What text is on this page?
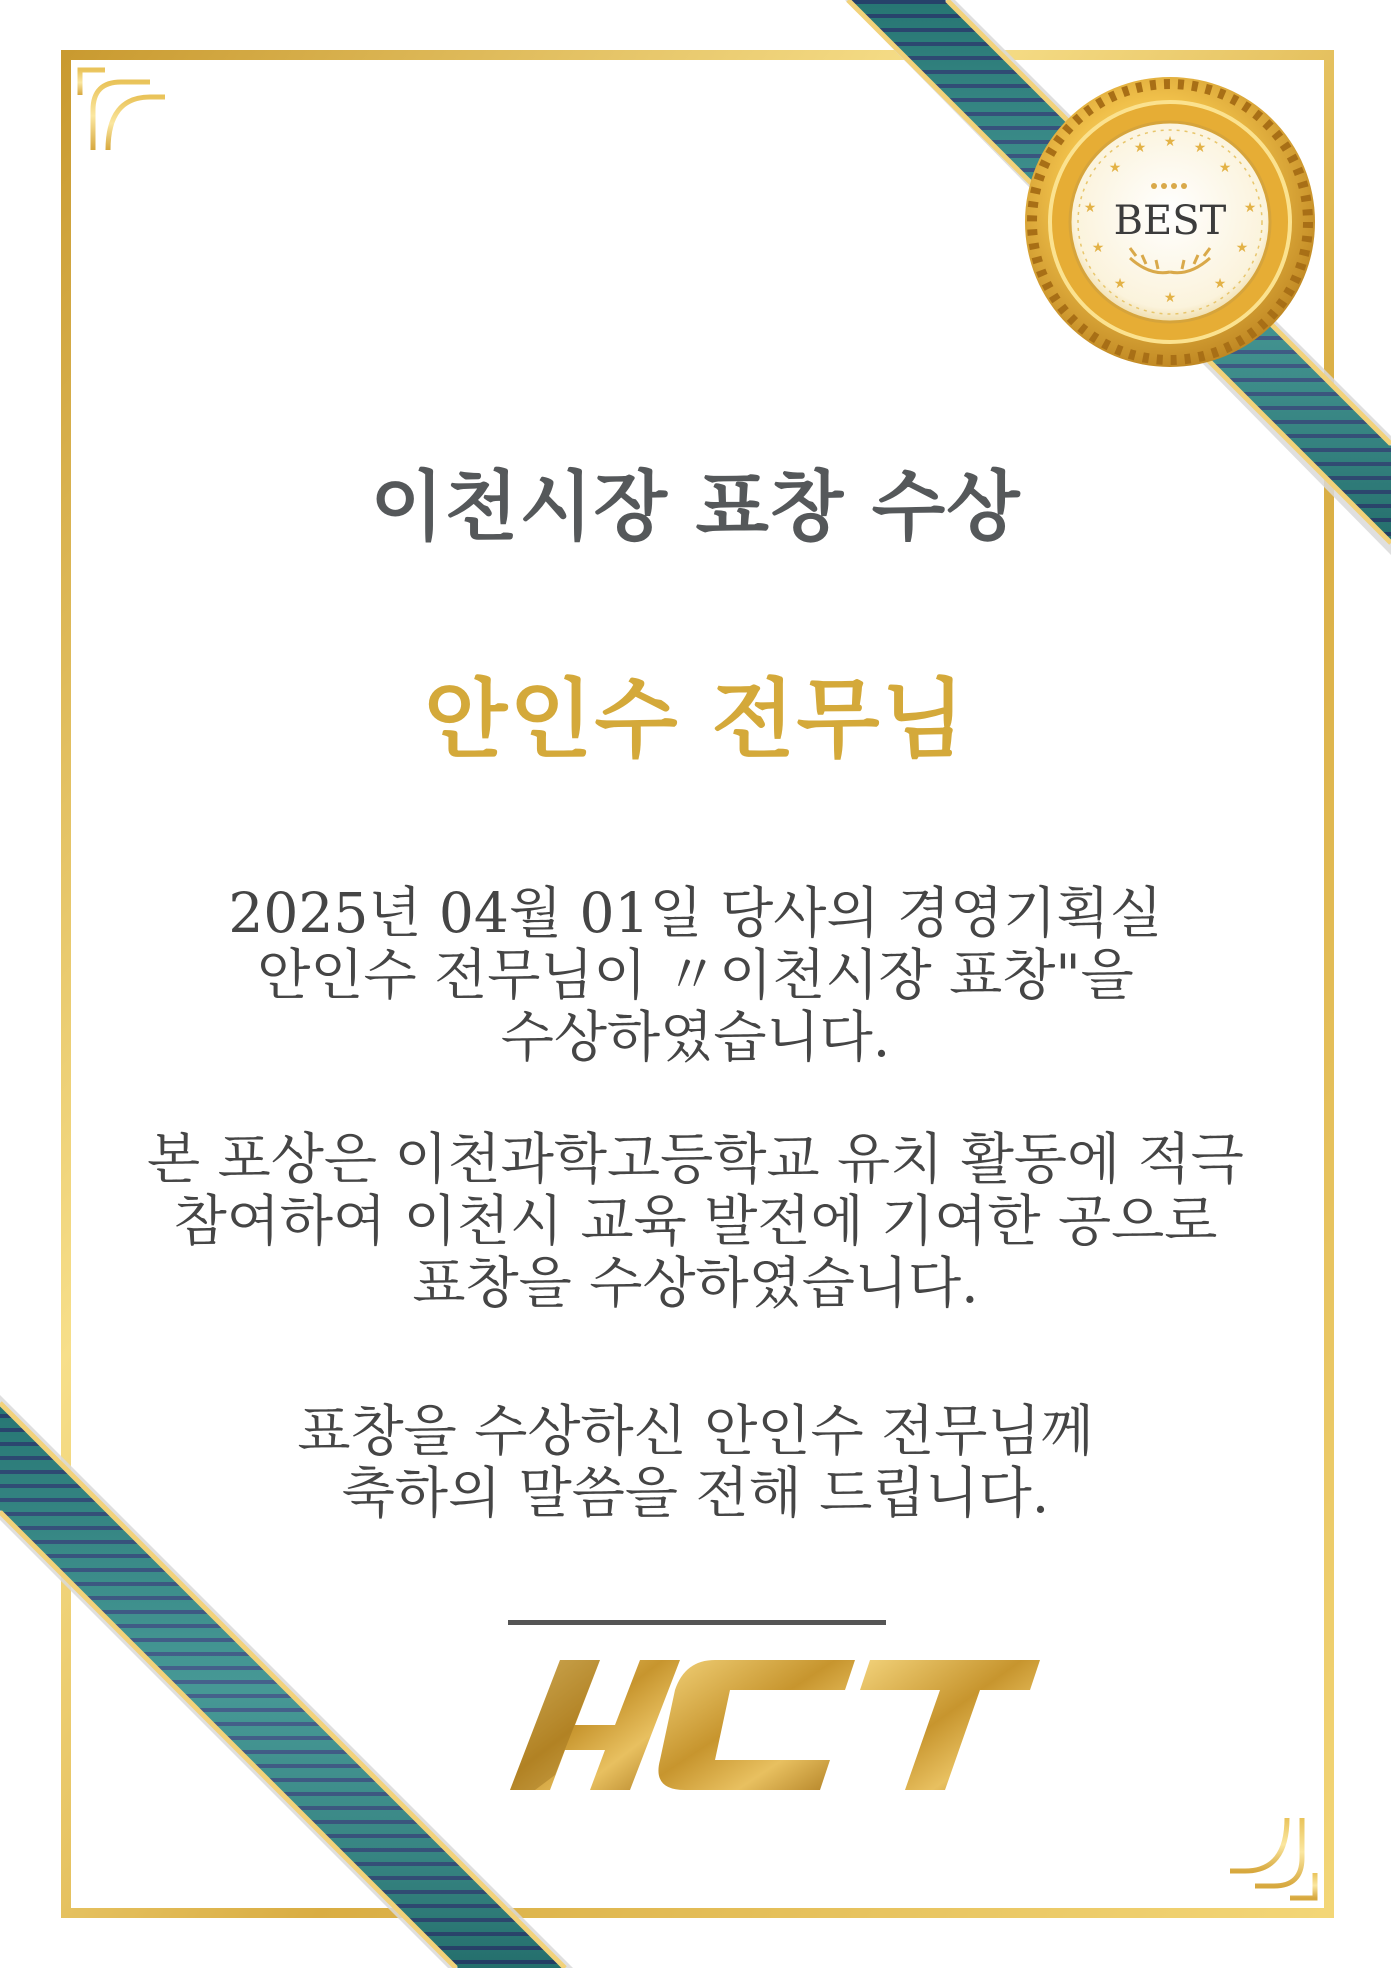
★
★ ★ ★
★
★	★
★	★
★	★
★
BEST
이천시장 표창 수상
안인수 전무님
2025년 04월 01일 당사의 경영기획실
안인수 전무님이 〃이천시장 표창"을
수상하였습니다.
본 포상은 이천과학고등학교 유치 활동에 적극
참여하여 이천시 교육 발전에 기여한 공으로
표창을 수상하였습니다.
표창을 수상하신 안인수 전무님께
축하의 말씀을 전해 드립니다.
